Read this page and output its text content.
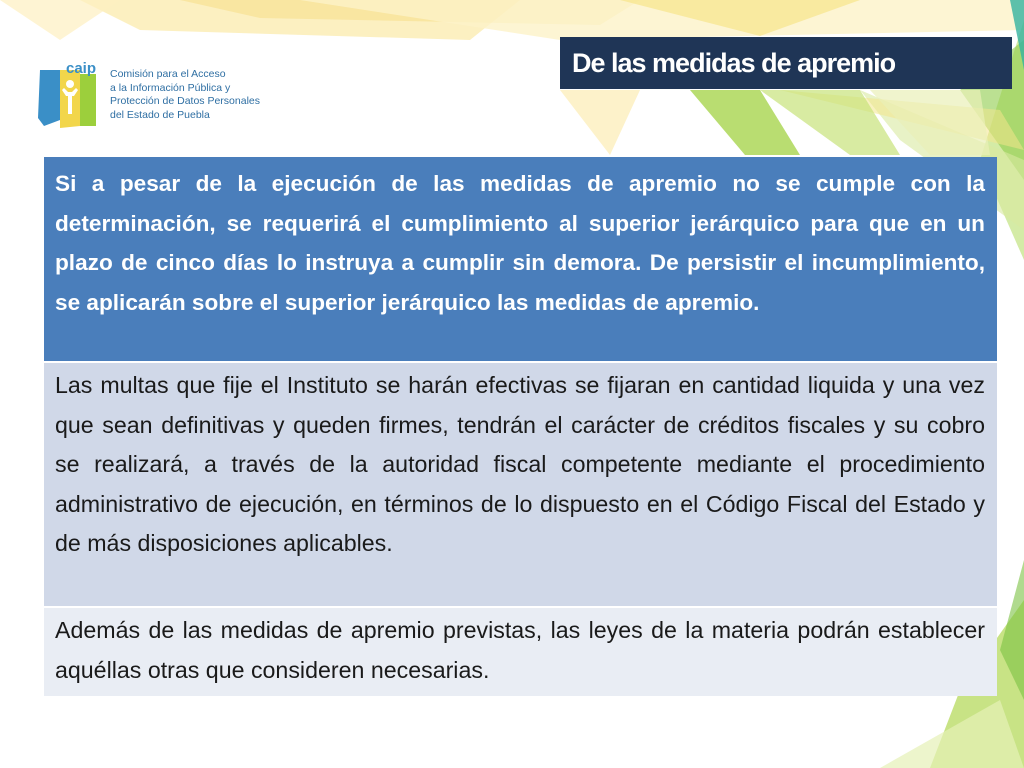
caip Comisión para el Acceso
a la Información Pública y
Protección de Datos Personales
del Estado de Puebla
De las medidas de apremio
Si a pesar de la ejecución de las medidas de apremio no se cumple con la determinación, se requerirá el cumplimiento al superior jerárquico para que en un plazo de cinco días lo instruya a cumplir sin demora. De persistir el incumplimiento, se aplicarán sobre el superior jerárquico las medidas de apremio.
Las multas que fije el Instituto se harán efectivas se fijaran en cantidad liquida y una vez que sean definitivas y queden firmes, tendrán el carácter de créditos fiscales y su cobro se realizará, a través de la autoridad fiscal competente mediante el procedimiento administrativo de ejecución, en términos de lo dispuesto en el Código Fiscal del Estado y de más disposiciones aplicables.
Además de las medidas de apremio previstas, las leyes de la materia podrán establecer aquéllas otras que consideren necesarias.
